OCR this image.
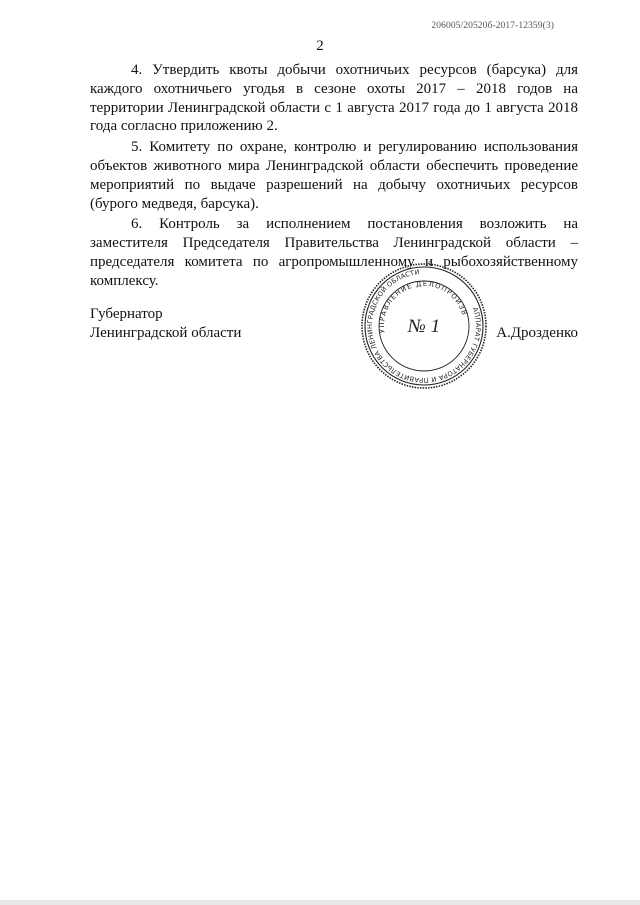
206005/20520б-2017-12359(3)
2

4. Утвердить квоты добычи охотничьих ресурсов (барсука) для каждого охотничьего угодья в сезоне охоты 2017 – 2018 годов на территории Ленинградской области с 1 августа 2017 года до 1 августа 2018 года согласно приложению 2.

5. Комитету по охране, контролю и регулированию использования объектов животного мира Ленинградской области обеспечить проведение мероприятий по выдаче разрешений на добычу охотничьих ресурсов (бурого медведя, барсука).

6. Контроль за исполнением постановления возложить на заместителя Председателя Правительства Ленинградской области – председателя комитета по агропромышленному и рыбохозяйственному комплексу.

Губернатор
Ленинградской области	А.Дрозденко
АППАРАТ ГУБЕРНАТОРА И ПРАВИТЕЛЬСТВА ЛЕНИНГРАДСКОЙ ОБЛАСТИ
УПРАВЛЕНИЕ ДЕЛОПРОИЗВОДСТВА
№ 1
